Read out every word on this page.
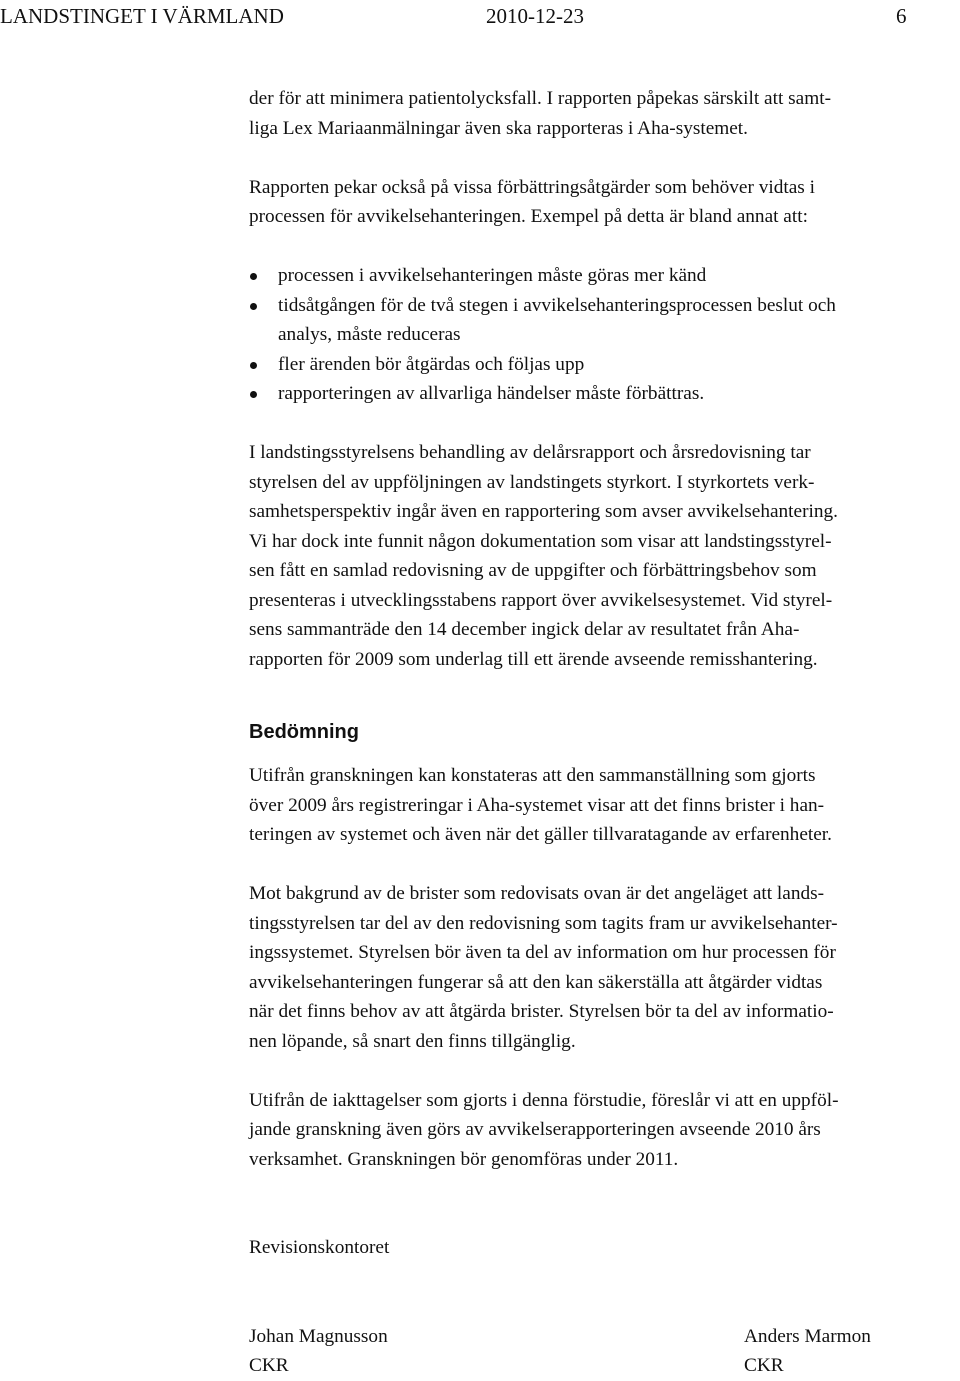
LANDSTINGET I VÄRMLAND	2010-12-23	6

der för att minimera patientolycksfall. I rapporten påpekas särskilt att samt-
liga Lex Mariaanmälningar även ska rapporteras i Aha-systemet.

Rapporten pekar också på vissa förbättringsåtgärder som behöver vidtas i
processen för avvikelsehanteringen. Exempel på detta är bland annat att:

processen i avvikelsehanteringen måste göras mer känd
tidsåtgången för de två stegen i avvikelsehanteringsprocessen beslut och
analys, måste reduceras
fler ärenden bör åtgärdas och följas upp
rapporteringen av allvarliga händelser måste förbättras.

I landstingsstyrelsens behandling av delårsrapport och årsredovisning tar
styrelsen del av uppföljningen av landstingets styrkort. I styrkortets verk-
samhetsperspektiv ingår även en rapportering som avser avvikelsehantering.
Vi har dock inte funnit någon dokumentation som visar att landstingsstyrel-
sen fått en samlad redovisning av de uppgifter och förbättringsbehov som
presenteras i utvecklingsstabens rapport över avvikelsesystemet. Vid styrel-
sens sammanträde den 14 december ingick delar av resultatet från Aha-
rapporten för 2009 som underlag till ett ärende avseende remisshantering.

Bedömning

Utifrån granskningen kan konstateras att den sammanställning som gjorts
över 2009 års registreringar i Aha-systemet visar att det finns brister i han-
teringen av systemet och även när det gäller tillvaratagande av erfarenheter.

Mot bakgrund av de brister som redovisats ovan är det angeläget att lands-
tingsstyrelsen tar del av den redovisning som tagits fram ur avvikelsehanter-
ingssystemet. Styrelsen bör även ta del av information om hur processen för
avvikelsehanteringen fungerar så att den kan säkerställa att åtgärder vidtas
när det finns behov av att åtgärda brister. Styrelsen bör ta del av informatio-
nen löpande, så snart den finns tillgänglig.

Utifrån de iakttagelser som gjorts i denna förstudie, föreslår vi att en uppföl-
jande granskning även görs av avvikelserapporteringen avseende 2010 års
verksamhet. Granskningen bör genomföras under 2011.

Revisionskontoret

Johan Magnusson
CKR
Anders Marmon
CKR
